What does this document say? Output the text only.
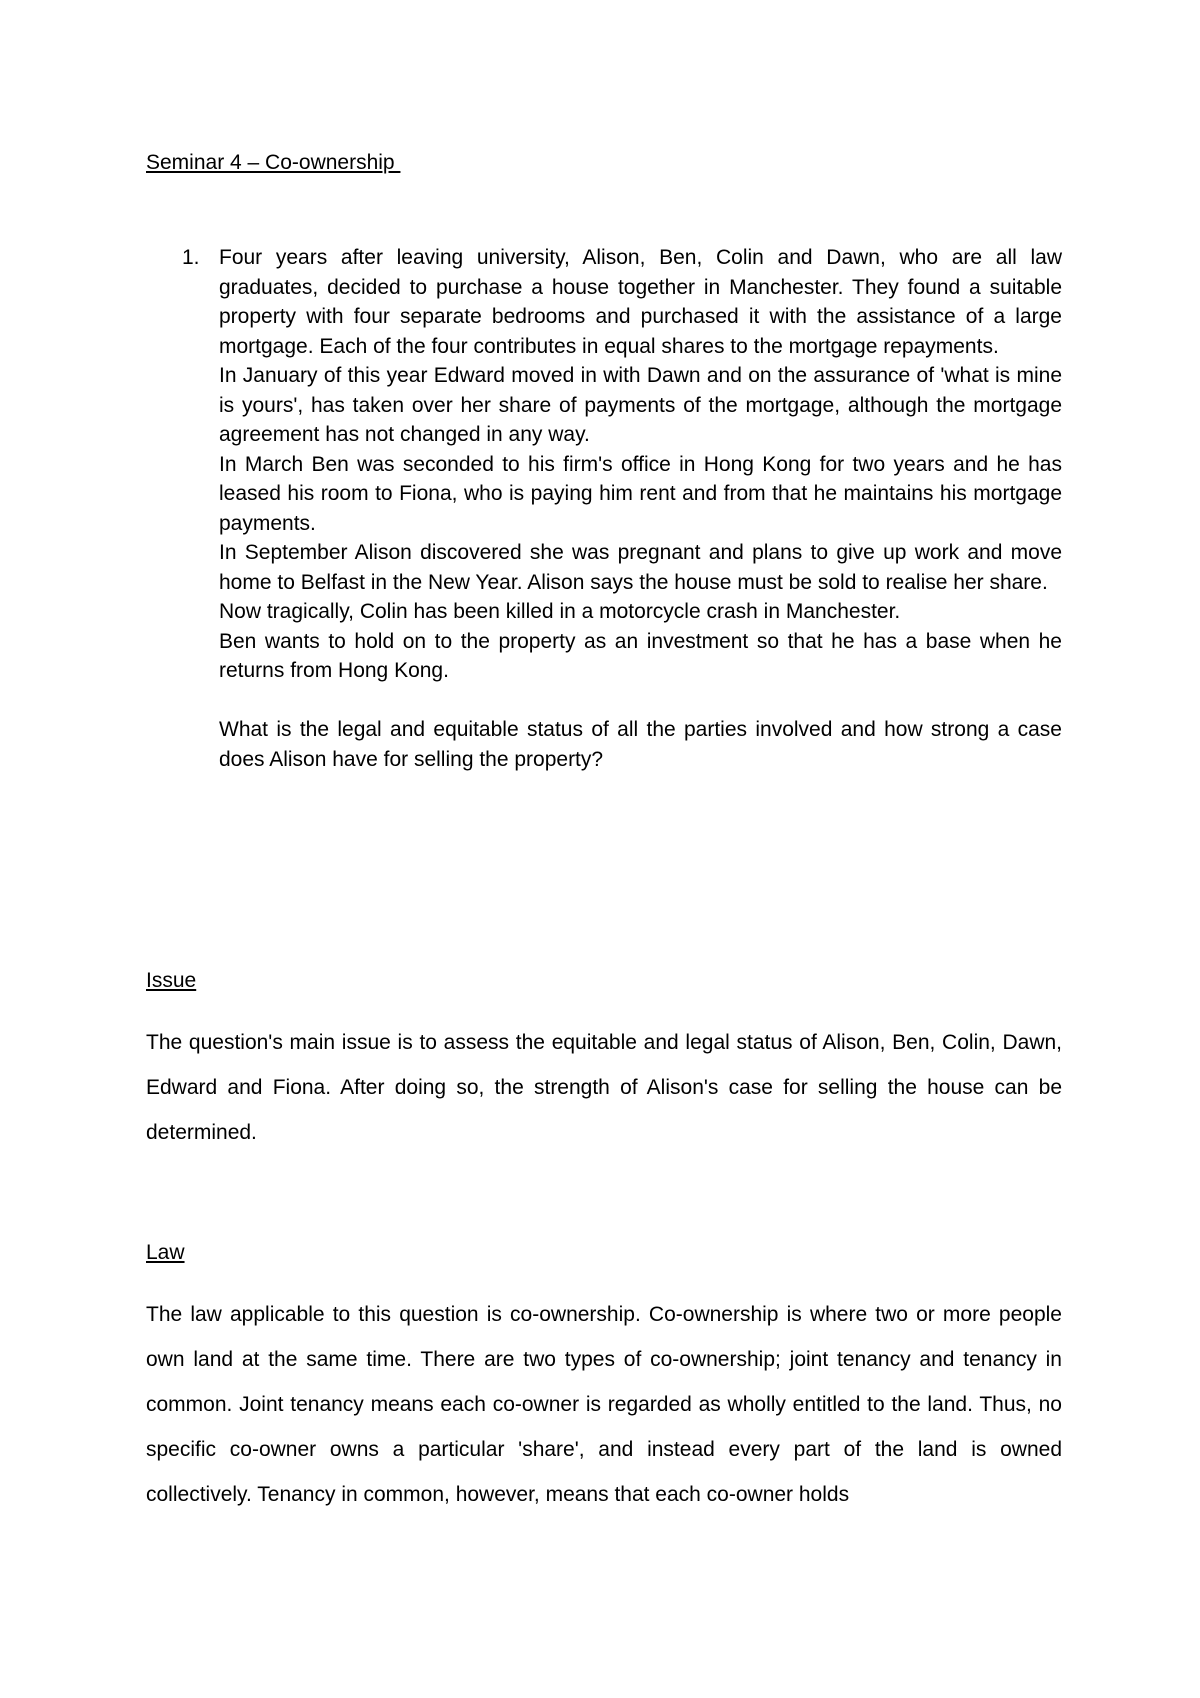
Seminar 4 – Co-ownership
1. Four years after leaving university, Alison, Ben, Colin and Dawn, who are all law graduates, decided to purchase a house together in Manchester. They found a suitable property with four separate bedrooms and purchased it with the assistance of a large mortgage. Each of the four contributes in equal shares to the mortgage repayments.

In January of this year Edward moved in with Dawn and on the assurance of 'what is mine is yours', has taken over her share of payments of the mortgage, although the mortgage agreement has not changed in any way.

In March Ben was seconded to his firm's office in Hong Kong for two years and he has leased his room to Fiona, who is paying him rent and from that he maintains his mortgage payments.

In September Alison discovered she was pregnant and plans to give up work and move home to Belfast in the New Year. Alison says the house must be sold to realise her share.

Now tragically, Colin has been killed in a motorcycle crash in Manchester.

Ben wants to hold on to the property as an investment so that he has a base when he returns from Hong Kong.

What is the legal and equitable status of all the parties involved and how strong a case does Alison have for selling the property?

Issue

The question's main issue is to assess the equitable and legal status of Alison, Ben, Colin, Dawn, Edward and Fiona. After doing so, the strength of Alison's case for selling the house can be determined.

Law

The law applicable to this question is co-ownership. Co-ownership is where two or more people own land at the same time. There are two types of co-ownership; joint tenancy and tenancy in common. Joint tenancy means each co-owner is regarded as wholly entitled to the land. Thus, no specific co-owner owns a particular 'share', and instead every part of the land is owned collectively. Tenancy in common, however, means that each co-owner holds
